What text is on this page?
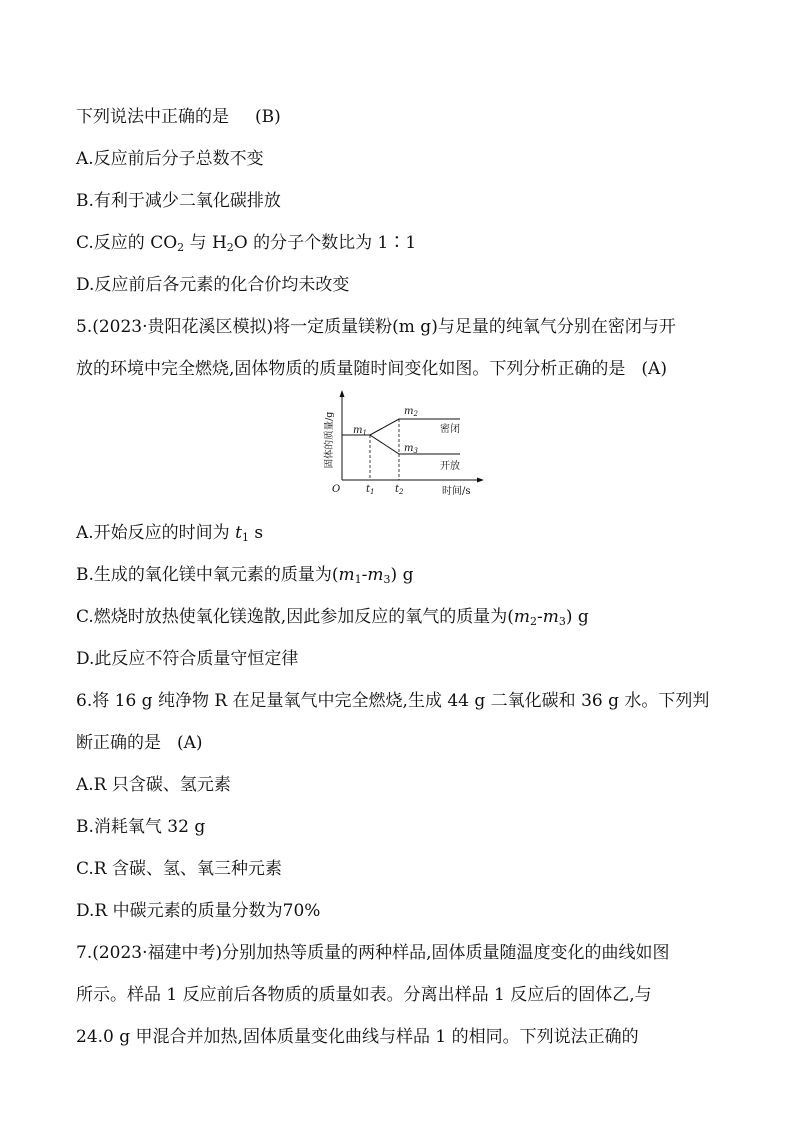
下列说法中正确的是 (B)
A.反应前后分子总数不变
B.有利于减少二氧化碳排放
C.反应的 $CO_2$ 与 $H_2O$ 的分子个数比为 1∶1
D.反应前后各元素的化合价均未改变
5.(2023·贵阳花溪区模拟)将一定质量镁粉(m g)与足量的纯氧气分别在密闭与开
放的环境中完全燃烧,固体物质的质量随时间变化如图。下列分析正确的是 (A)
固体的质量/g
O	$t_1$ $t_2$	时间/s
$m_1$
$m_2$
$m_3$
密闭
开放
A.开始反应的时间为 $t_1$ s
B.生成的氧化镁中氧元素的质量为$(m_1-m_3)$ g
C.燃烧时放热使氧化镁逸散,因此参加反应的氧气的质量为$(m_2-m_3)$ g
D.此反应不符合质量守恒定律
6.将 16 g 纯净物 R 在足量氧气中完全燃烧,生成 44 g 二氧化碳和 36 g 水。下列判
断正确的是 (A)
A.R 只含碳、氢元素
B.消耗氧气 32 g
C.R 含碳、氢、氧三种元素
D.R 中碳元素的质量分数为70%
7.(2023·福建中考)分别加热等质量的两种样品,固体质量随温度变化的曲线如图
所示。样品 1 反应前后各物质的质量如表。分离出样品 1 反应后的固体乙,与
24.0 g 甲混合并加热,固体质量变化曲线与样品 1 的相同。下列说法正确的
